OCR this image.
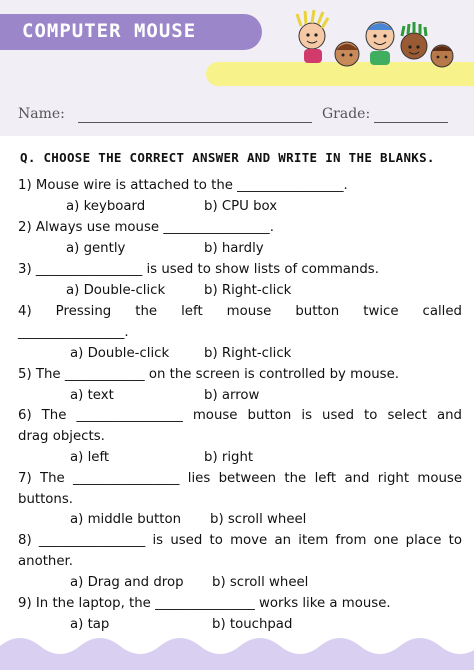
COMPUTER MOUSE
Name:	Grade:
Q. CHOOSE THE CORRECT ANSWER AND WRITE IN THE BLANKS.
1) Mouse wire is attached to the ________________.
a) keyboard	b) CPU box
2) Always use mouse ________________.
a) gently	b) hardly
3) ________________ is used to show lists of commands.
a) Double-click	b) Right-click
4) Pressing the left mouse button twice called
________________.
a) Double-click	b) Right-click
5) The ____________ on the screen is controlled by mouse.
a) text	b) arrow
6) The ________________ mouse button is used to select and
drag objects.
a) left	b) right
7) The ________________ lies between the left and right mouse
buttons.
a) middle button b) scroll wheel
8) ________________ is used to move an item from one place to
another.
a) Drag and drop b) scroll wheel
9) In the laptop, the _______________ works like a mouse.
a) tap	b) touchpad
